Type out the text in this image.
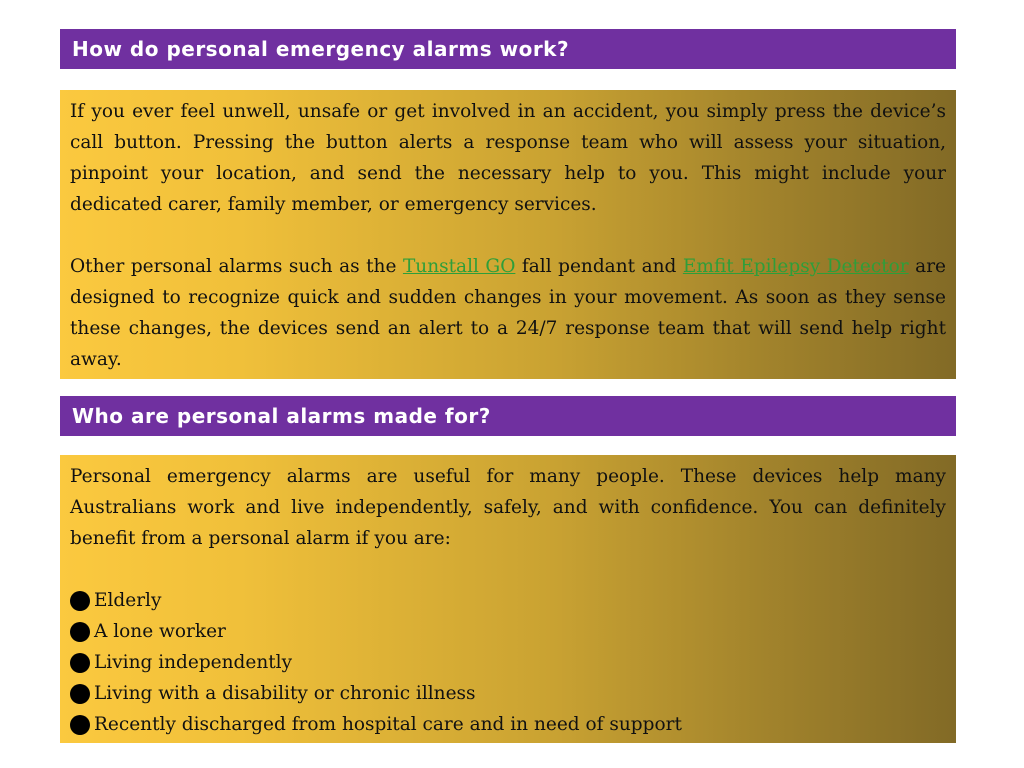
How do personal emergency alarms work?

If you ever feel unwell, unsafe or get involved in an accident, you simply press the device’s call button. Pressing the button alerts a response team who will assess your situation, pinpoint your location, and send the necessary help to you. This might include your dedicated carer, family member, or emergency services.

Other personal alarms such as the Tunstall GO fall pendant and Emfit Epilepsy Detector are designed to recognize quick and sudden changes in your movement. As soon as they sense these changes, the devices send an alert to a 24/7 response team that will send help right away.

Who are personal alarms made for?

Personal emergency alarms are useful for many people. These devices help many Australians work and live independently, safely, and with confidence. You can definitely benefit from a personal alarm if you are:

Elderly
A lone worker
Living independently
Living with a disability or chronic illness
Recently discharged from hospital care and in need of support
